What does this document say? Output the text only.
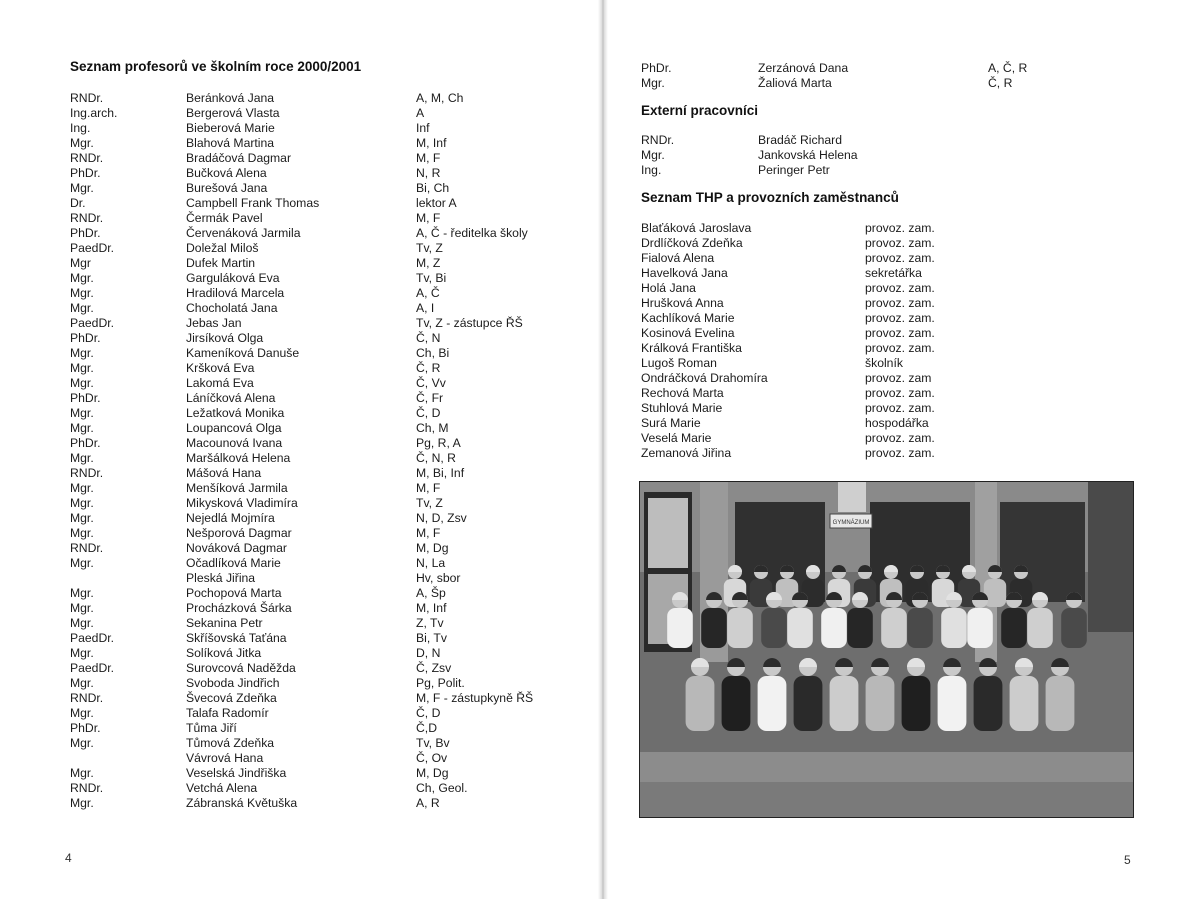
Seznam profesorů ve školním roce 2000/2001
RNDr.	Beránková Jana	A, M, Ch
Ing.arch.	Bergerová Vlasta	A
Ing.	Bieberová Marie	Inf
Mgr.	Blahová Martina	M, Inf
RNDr.	Bradáčová Dagmar	M, F
PhDr.	Bučková Alena	N, R
Mgr.	Burešová Jana	Bi, Ch
Dr.	Campbell Frank Thomas	lektor A
RNDr.	Čermák Pavel	M, F
PhDr.	Červenáková Jarmila	A, Č - ředitelka školy
PaedDr.	Doležal Miloš	Tv, Z
Mgr	Dufek Martin	M, Z
Mgr.	Garguláková Eva	Tv, Bi
Mgr.	Hradilová Marcela	A, Č
Mgr.	Chocholatá Jana	A, I
PaedDr.	Jebas Jan	Tv, Z - zástupce ŘŠ
PhDr.	Jirsíková Olga	Č, N
Mgr.	Kameníková Danuše	Ch, Bi
Mgr.	Kršková Eva	Č, R
Mgr.	Lakomá Eva	Č, Vv
PhDr.	Láníčková Alena	Č, Fr
Mgr.	Ležatková Monika	Č, D
Mgr.	Loupancová Olga	Ch, M
PhDr.	Macounová Ivana	Pg, R, A
Mgr.	Maršálková Helena	Č, N, R
RNDr.	Mášová Hana	M, Bi, Inf
Mgr.	Menšíková Jarmila	M, F
Mgr.	Mikysková Vladimíra	Tv, Z
Mgr.	Nejedlá Mojmíra	N, D, Zsv
Mgr.	Nešporová Dagmar	M, F
RNDr.	Nováková Dagmar	M, Dg
Mgr.	Očadlíková Marie	N, La
Pleská Jiřina	Hv, sbor
Mgr.	Pochopová Marta	A, Šp
Mgr.	Procházková Šárka	M, Inf
Mgr.	Sekanina Petr	Z, Tv
PaedDr.	Skříšovská Taťána	Bi, Tv
Mgr.	Solíková Jitka	D, N
PaedDr.	Surovcová Naděžda	Č, Zsv
Mgr.	Svoboda Jindřich	Pg, Polit.
RNDr.	Švecová Zdeňka	M, F - zástupkyně ŘŠ
Mgr.	Talafa Radomír	Č, D
PhDr.	Tůma Jiří	Č,D
Mgr.	Tůmová Zdeňka	Tv, Bv
Vávrová Hana	Č, Ov
Mgr.	Veselská Jindřiška	M, Dg
RNDr.	Vetchá Alena	Ch, Geol.
Mgr.	Zábranská Květuška	A, R
4
PhDr.	Zerzánová Dana	A, Č, R
Mgr.	Žaliová Marta	Č, R
Externí pracovníci
RNDr.	Bradáč Richard
Mgr.	Jankovská Helena
Ing.	Peringer Petr
Seznam THP a provozních zaměstnanců
Blaťáková Jaroslava	provoz. zam.
Drdlíčková Zdeňka	provoz. zam.
Fialová Alena	provoz. zam.
Havelková Jana	sekretářka
Holá Jana	provoz. zam.
Hrušková Anna	provoz. zam.
Kachlíková Marie	provoz. zam.
Kosinová Evelina	provoz. zam.
Králková Františka	provoz. zam.
Lugoš Roman	školník
Ondráčková Drahomíra	provoz. zam
Rechová Marta	provoz. zam.
Stuhlová Marie	provoz. zam.
Surá Marie	hospodářka
Veselá Marie	provoz. zam.
Zemanová Jiřina	provoz. zam.
GYMNÁZIUM
5
